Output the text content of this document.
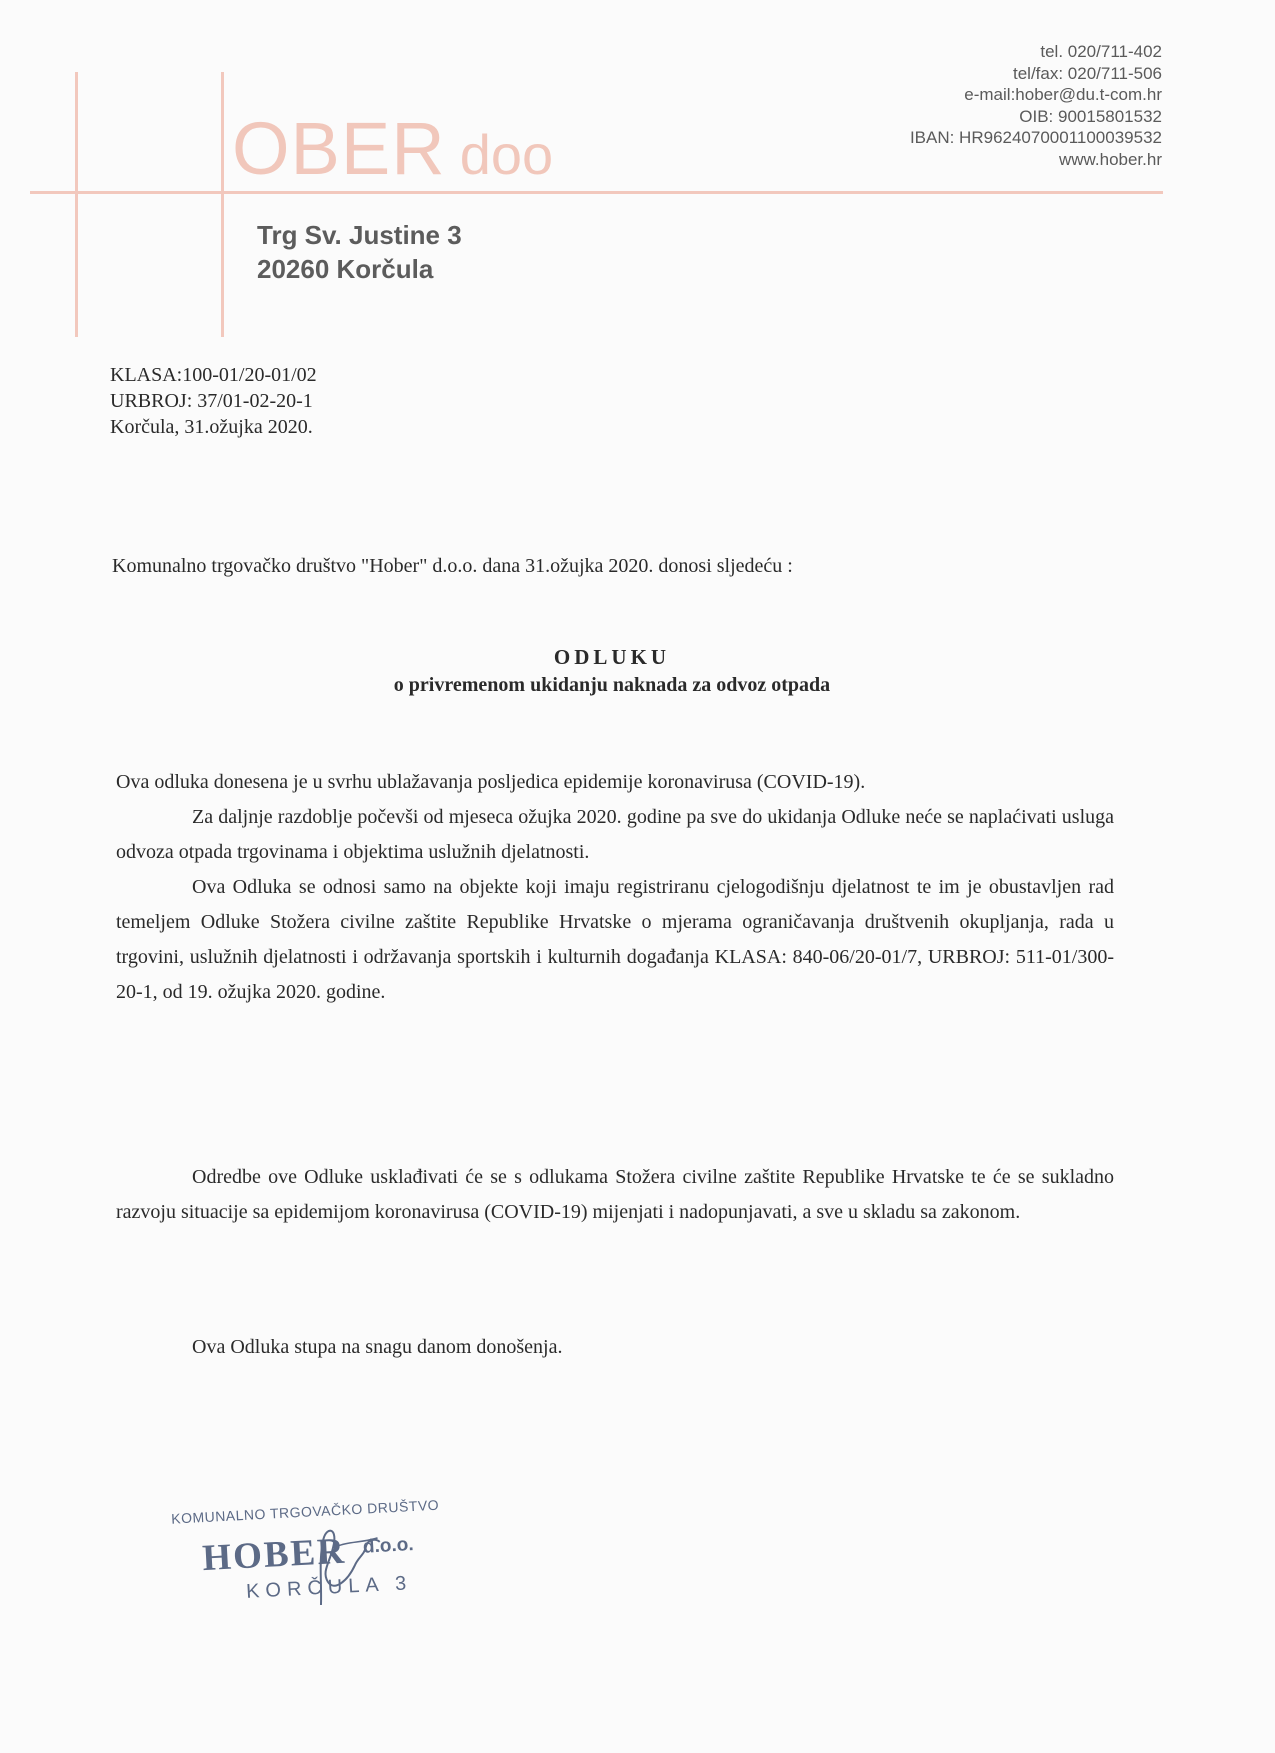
OBER doo
Trg Sv. Justine 3
20260 Korčula
tel. 020/711-402
tel/fax: 020/711-506
e-mail:hober@du.t-com.hr
OIB: 90015801532
IBAN: HR9624070001100039532
www.hober.hr
KLASA:100-01/20-01/02
URBROJ: 37/01-02-20-1
Korčula, 31.ožujka 2020.
Komunalno trgovačko društvo "Hober" d.o.o. dana 31.ožujka 2020. donosi sljedeću :
ODLUKU
o privremenom ukidanju naknada za odvoz otpada

Ova odluka donesena je u svrhu ublažavanja posljedica epidemije koronavirusa (COVID-19).

Za daljnje razdoblje počevši od mjeseca ožujka 2020. godine pa sve do ukidanja Odluke neće se naplaćivati usluga odvoza otpada trgovinama i objektima uslužnih djelatnosti.

Ova Odluka se odnosi samo na objekte koji imaju registriranu cjelogodišnju djelatnost te im je obustavljen rad temeljem Odluke Stožera civilne zaštite Republike Hrvatske o mjerama ograničavanja društvenih okupljanja, rada u trgovini, uslužnih djelatnosti i održavanja sportskih i kulturnih događanja KLASA: 840-06/20-01/7, URBROJ: 511-01/300-20-1, od 19. ožujka 2020. godine.

Odredbe ove Odluke usklađivati će se s odlukama Stožera civilne zaštite Republike Hrvatske te će se sukladno razvoju situacije sa epidemijom koronavirusa (COVID-19) mijenjati i nadopunjavati, a sve u skladu sa zakonom.

Ova Odluka stupa na snagu danom donošenja.

KOMUNALNO TRGOVAČKO DRUŠTVO
HOBER d.o.o.
KORČULA 3
